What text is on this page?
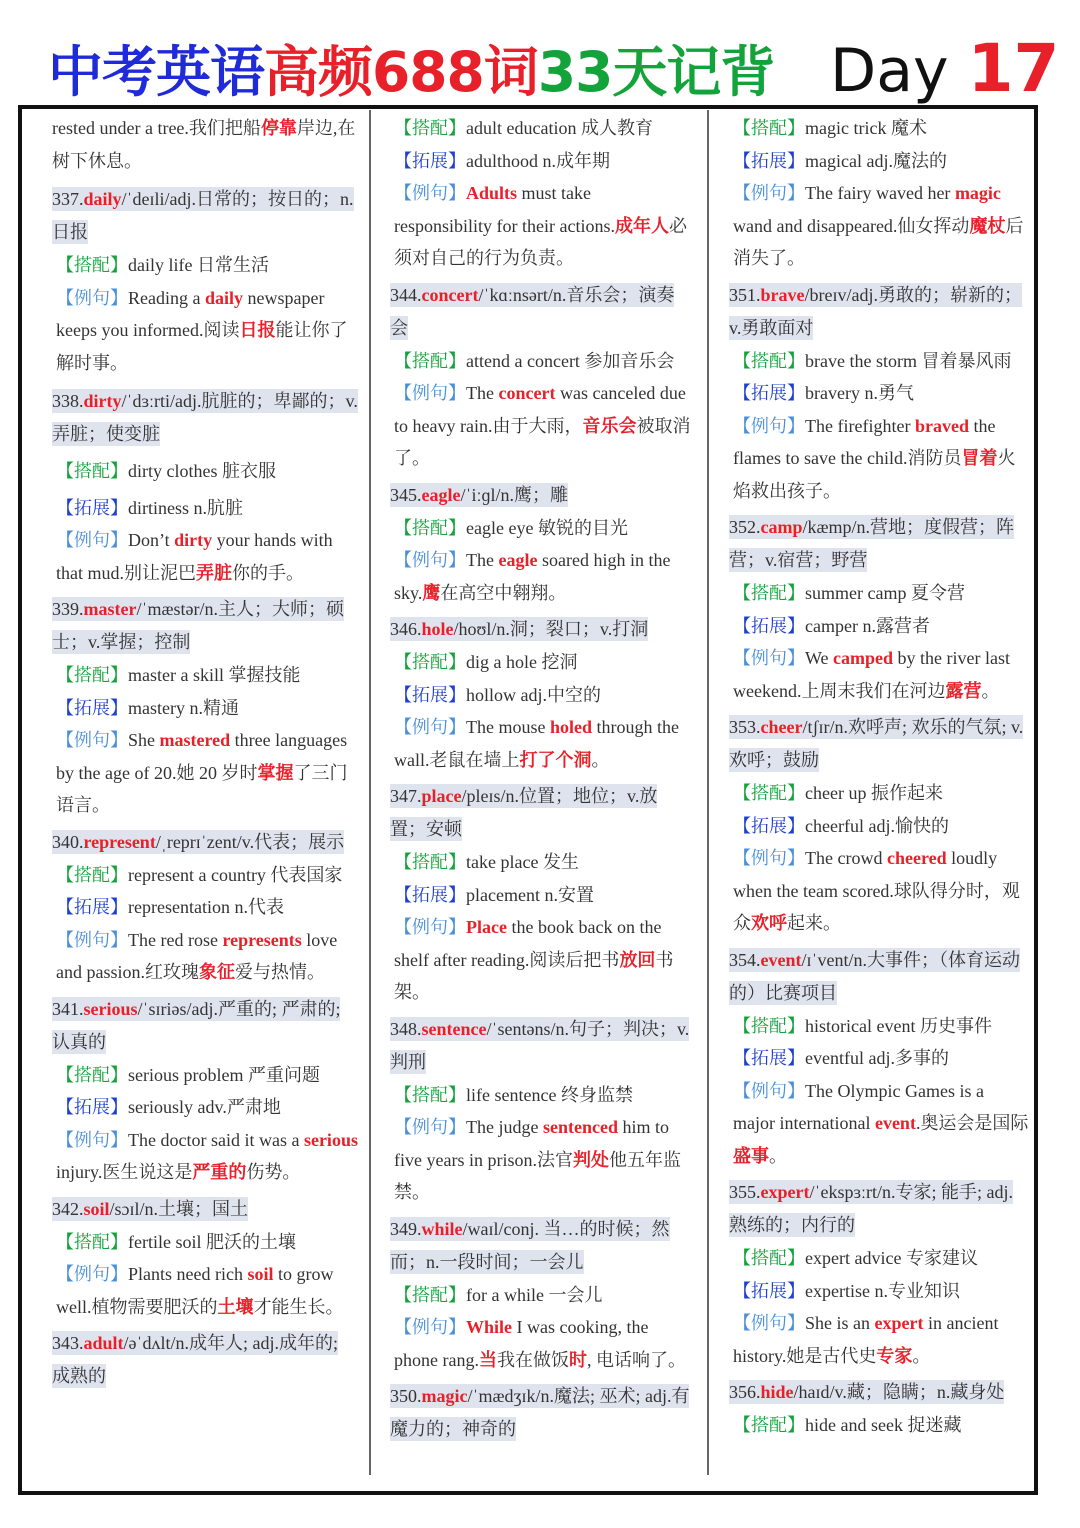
中考英语高频688词33天记背 Day 17
rested under a tree.我们把船停靠岸边,在树下休息。
337.daily/ˈdeɪli/adj.日常的；按日的；n.日报
【搭配】daily life 日常生活
【例句】Reading a daily newspaper keeps you informed.阅读日报能让你了解时事。
338.dirty/ˈdɜːrti/adj.肮脏的；卑鄙的；v.弄脏；使变脏
【搭配】dirty clothes 脏衣服
【拓展】dirtiness n.肮脏
【例句】Don’t dirty your hands with that mud.别让泥巴弄脏你的手。
339.master/ˈmæstər/n.主人；大师；硕士；v.掌握；控制
【搭配】master a skill 掌握技能
【拓展】mastery n.精通
【例句】She mastered three languages by the age of 20.她 20 岁时掌握了三门语言。
340.represent/ˌreprɪˈzent/v.代表；展示
【搭配】represent a country 代表国家
【拓展】representation n.代表
【例句】The red rose represents love and passion.红玫瑰象征爱与热情。
341.serious/ˈsɪriəs/adj.严重的; 严肃的; 认真的
【搭配】serious problem 严重问题
【拓展】seriously adv.严肃地
【例句】The doctor said it was a serious injury.医生说这是严重的伤势。
342.soil/sɔɪl/n.土壤；国土
【搭配】fertile soil 肥沃的土壤
【例句】Plants need rich soil to grow well.植物需要肥沃的土壤才能生长。
343.adult/əˈdʌlt/n.成年人; adj.成年的; 成熟的
【搭配】adult education 成人教育
【拓展】adulthood n.成年期
【例句】Adults must take responsibility for their actions.成年人必须对自己的行为负责。
344.concert/ˈkɑːnsərt/n.音乐会；演奏会
【搭配】attend a concert 参加音乐会
【例句】The concert was canceled due to heavy rain.由于大雨，音乐会被取消了。
345.eagle/ˈiːɡl/n.鹰；雕
【搭配】eagle eye 敏锐的目光
【例句】The eagle soared high in the sky.鹰在高空中翱翔。
346.hole/hoʊl/n.洞；裂口；v.打洞
【搭配】dig a hole 挖洞
【拓展】hollow adj.中空的
【例句】The mouse holed through the wall.老鼠在墙上打了个洞。
347.place/pleɪs/n.位置；地位；v.放置；安顿
【搭配】take place 发生
【拓展】placement n.安置
【例句】Place the book back on the shelf after reading.阅读后把书放回书架。
348.sentence/ˈsentəns/n.句子；判决；v.判刑
【搭配】life sentence 终身监禁
【例句】The judge sentenced him to five years in prison.法官判处他五年监禁。
349.while/waɪl/conj. 当…的时候；然而；n.一段时间；一会儿
【搭配】for a while 一会儿
【例句】While I was cooking, the phone rang.当我在做饭时, 电话响了。
350.magic/ˈmædʒɪk/n.魔法; 巫术; adj.有魔力的；神奇的
【搭配】magic trick 魔术
【拓展】magical adj.魔法的
【例句】The fairy waved her magic wand and disappeared.仙女挥动魔杖后消失了。
351.brave/breɪv/adj.勇敢的；崭新的；v.勇敢面对
【搭配】brave the storm 冒着暴风雨
【拓展】bravery n.勇气
【例句】The firefighter braved the flames to save the child.消防员冒着火焰救出孩子。
352.camp/kæmp/n.营地；度假营；阵营；v.宿营；野营
【搭配】summer camp 夏令营
【拓展】camper n.露营者
【例句】We camped by the river last weekend.上周末我们在河边露营。
353.cheer/tʃɪr/n.欢呼声; 欢乐的气氛; v.欢呼；鼓励
【搭配】cheer up 振作起来
【拓展】cheerful adj.愉快的
【例句】The crowd cheered loudly when the team scored.球队得分时，观众欢呼起来。
354.event/ɪˈvent/n.大事件；（体育运动的）比赛项目
【搭配】historical event 历史事件
【拓展】eventful adj.多事的
【例句】The Olympic Games is a major international event.奥运会是国际盛事。
355.expert/ˈekspɜːrt/n.专家; 能手; adj.熟练的；内行的
【搭配】expert advice 专家建议
【拓展】expertise n.专业知识
【例句】She is an expert in ancient history.她是古代史专家。
356.hide/haɪd/v.藏；隐瞒；n.藏身处
【搭配】hide and seek 捉迷藏
